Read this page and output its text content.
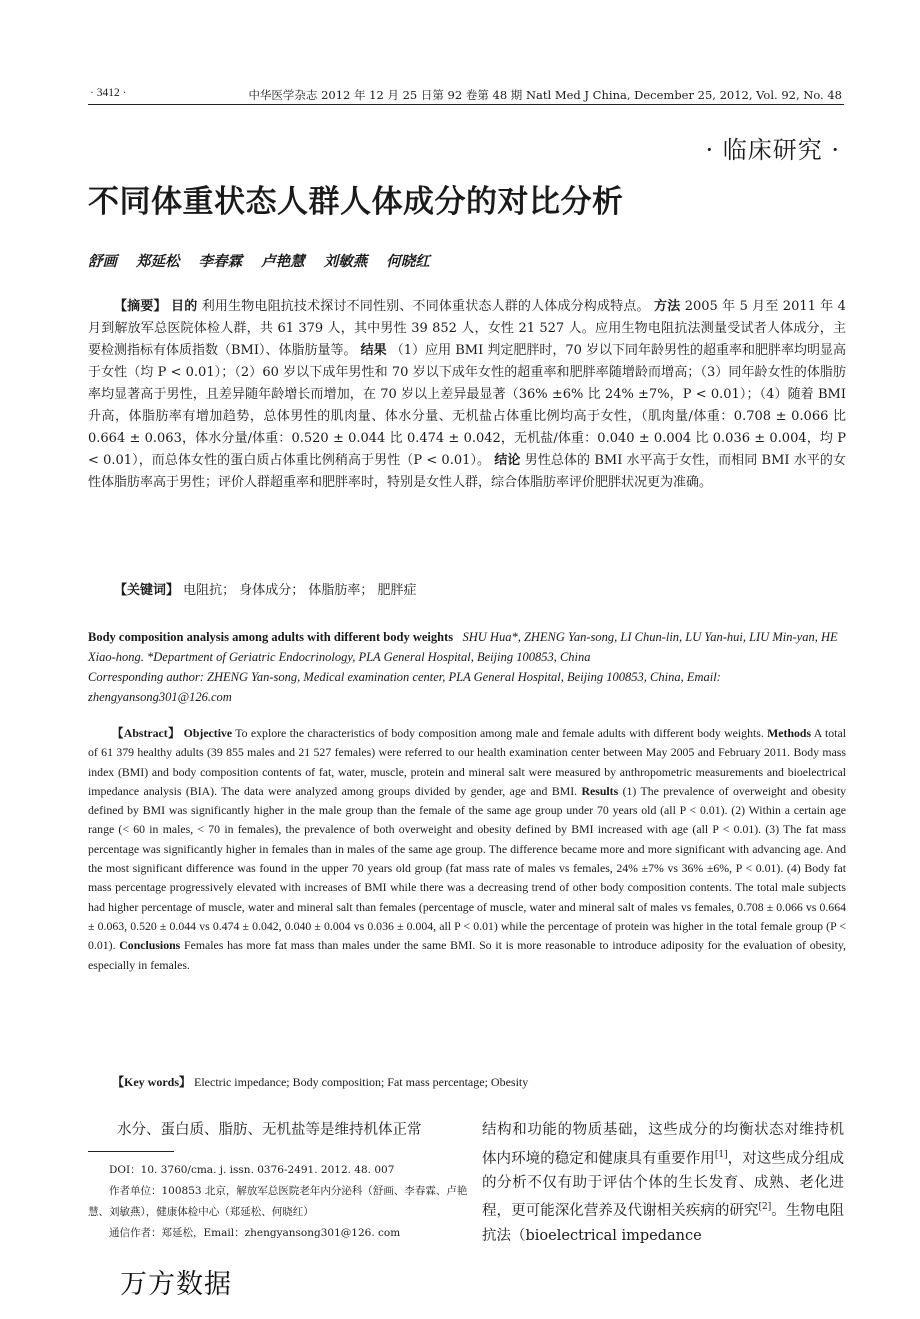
· 3412 ·	中华医学杂志 2012 年 12 月 25 日第 92 卷第 48 期 Natl Med J China, December 25, 2012, Vol. 92, No. 48
· 临床研究 ·
不同体重状态人群人体成分的对比分析
舒画 郑延松 李春霖 卢艳慧 刘敏燕 何晓红

【摘要】 目的 利用生物电阻抗技术探讨不同性别、不同体重状态人群的人体成分构成特点。 方法 2005 年 5 月至 2011 年 4 月到解放军总医院体检人群，共 61 379 人，其中男性 39 852 人，女性 21 527 人。应用生物电阻抗法测量受试者人体成分，主要检测指标有体质指数（BMI）、体脂肪量等。 结果 （1）应用 BMI 判定肥胖时，70 岁以下同年龄男性的超重率和肥胖率均明显高于女性（均 P < 0.01）；（2）60 岁以下成年男性和 70 岁以下成年女性的超重率和肥胖率随增龄而增高；（3）同年龄女性的体脂肪率均显著高于男性，且差异随年龄增长而增加，在 70 岁以上差异最显著（36% ±6% 比 24% ±7%，P < 0.01）；（4）随着 BMI 升高，体脂肪率有增加趋势，总体男性的肌肉量、体水分量、无机盐占体重比例均高于女性，（肌肉量/体重：0.708 ± 0.066 比 0.664 ± 0.063，体水分量/体重：0.520 ± 0.044 比 0.474 ± 0.042，无机盐/体重：0.040 ± 0.004 比 0.036 ± 0.004，均 P < 0.01），而总体女性的蛋白质占体重比例稍高于男性（P < 0.01）。 结论 男性总体的 BMI 水平高于女性，而相同 BMI 水平的女性体脂肪率高于男性；评价人群超重率和肥胖率时，特别是女性人群，综合体脂肪率评价肥胖状况更为准确。

【关键词】 电阻抗； 身体成分； 体脂肪率； 肥胖症
Body composition analysis among adults with different body weights SHU Hua*, ZHENG Yan-song, LI Chun-lin, LU Yan-hui, LIU Min-yan, HE Xiao-hong. *Department of Geriatric Endocrinology, PLA General Hospital, Beijing 100853, China
Corresponding author: ZHENG Yan-song, Medical examination center, PLA General Hospital, Beijing 100853, China, Email: zhengyansong301@126.com

【Abstract】 Objective To explore the characteristics of body composition among male and female adults with different body weights. Methods A total of 61 379 healthy adults (39 855 males and 21 527 females) were referred to our health examination center between May 2005 and February 2011. Body mass index (BMI) and body composition contents of fat, water, muscle, protein and mineral salt were measured by anthropometric measurements and bioelectrical impedance analysis (BIA). The data were analyzed among groups divided by gender, age and BMI. Results (1) The prevalence of overweight and obesity defined by BMI was significantly higher in the male group than the female of the same age group under 70 years old (all P < 0.01). (2) Within a certain age range (< 60 in males, < 70 in females), the prevalence of both overweight and obesity defined by BMI increased with age (all P < 0.01). (3) The fat mass percentage was significantly higher in females than in males of the same age group. The difference became more and more significant with advancing age. And the most significant difference was found in the upper 70 years old group (fat mass rate of males vs females, 24% ±7% vs 36% ±6%, P < 0.01). (4) Body fat mass percentage progressively elevated with increases of BMI while there was a decreasing trend of other body composition contents. The total male subjects had higher percentage of muscle, water and mineral salt than females (percentage of muscle, water and mineral salt of males vs females, 0.708 ± 0.066 vs 0.664 ± 0.063, 0.520 ± 0.044 vs 0.474 ± 0.042, 0.040 ± 0.004 vs 0.036 ± 0.004, all P < 0.01) while the percentage of protein was higher in the total female group (P < 0.01). Conclusions Females has more fat mass than males under the same BMI. So it is more reasonable to introduce adiposity for the evaluation of obesity, especially in females.

【Key words】 Electric impedance; Body composition; Fat mass percentage; Obesity
水分、蛋白质、脂肪、无机盐等是维持机体正常	结构和功能的物质基础，这些成分的均衡状态对维持机体内环境的稳定和健康具有重要作用[1]，对这些成分组成的分析不仅有助于评估个体的生长发育、成熟、老化进程，更可能深化营养及代谢相关疾病的研究[2]。生物电阻抗法（bioelectrical impedance
DOI：10. 3760/cma. j. issn. 0376-2491. 2012. 48. 007
作者单位：100853 北京，解放军总医院老年内分泌科（舒画、李春霖、卢艳慧、刘敏燕），健康体检中心（郑延松、何晓红）
通信作者：郑延松，Email：zhengyansong301@126. com
万方数据
